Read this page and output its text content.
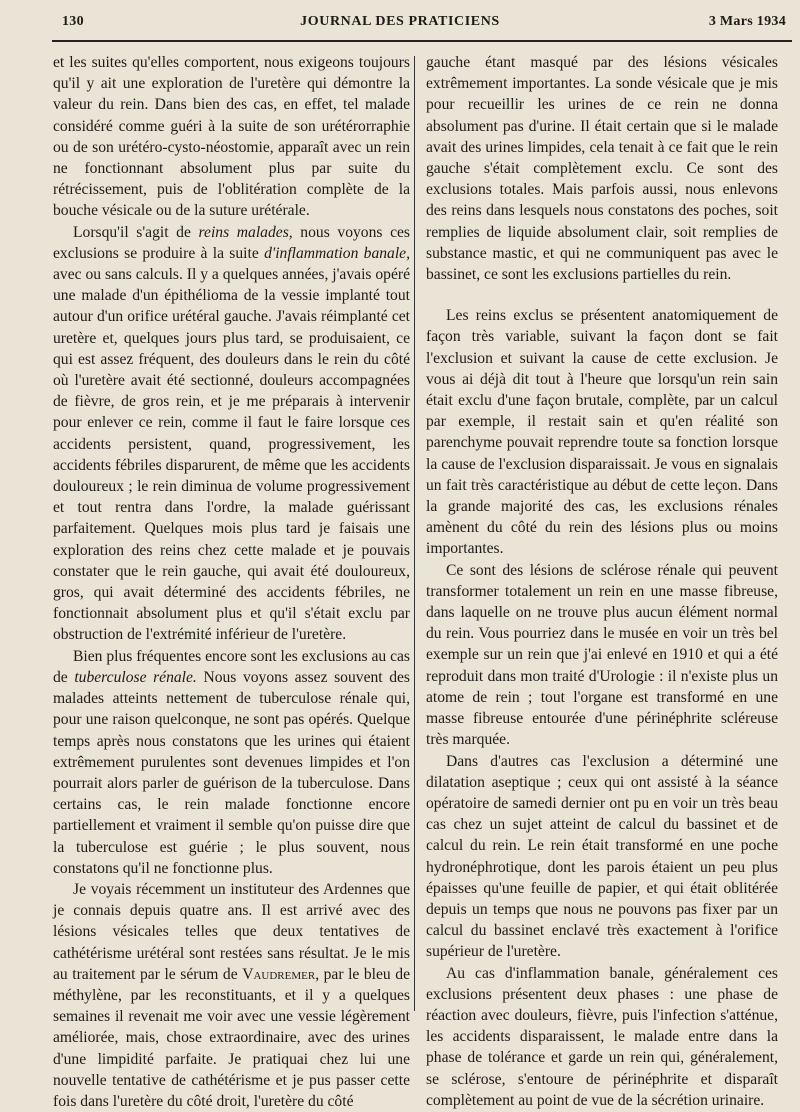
130	JOURNAL DES PRATICIENS	3 Mars 1934

et les suites qu'elles comportent, nous exigeons toujours qu'il y ait une exploration de l'uretère qui démontre la valeur du rein. Dans bien des cas, en effet, tel malade considéré comme guéri à la suite de son urétérorraphie ou de son urétéro-cysto-néostomie, apparaît avec un rein ne fonctionnant absolument plus par suite du rétrécissement, puis de l'oblitération complète de la bouche vésicale ou de la suture urétérale.

Lorsqu'il s'agit de reins malades, nous voyons ces exclusions se produire à la suite d'inflammation banale, avec ou sans calculs. Il y a quelques années, j'avais opéré une malade d'un épithélioma de la vessie implanté tout autour d'un orifice urétéral gauche. J'avais réimplanté cet uretère et, quelques jours plus tard, se produisaient, ce qui est assez fréquent, des douleurs dans le rein du côté où l'uretère avait été sectionné, douleurs accompagnées de fièvre, de gros rein, et je me préparais à intervenir pour enlever ce rein, comme il faut le faire lorsque ces accidents persistent, quand, progressivement, les accidents fébriles disparurent, de même que les accidents douloureux ; le rein diminua de volume progressivement et tout rentra dans l'ordre, la malade guérissant parfaitement. Quelques mois plus tard je faisais une exploration des reins chez cette malade et je pouvais constater que le rein gauche, qui avait été douloureux, gros, qui avait déterminé des accidents fébriles, ne fonctionnait absolument plus et qu'il s'était exclu par obstruction de l'extrémité inférieur de l'uretère.

Bien plus fréquentes encore sont les exclusions au cas de tuberculose rénale. Nous voyons assez souvent des malades atteints nettement de tuberculose rénale qui, pour une raison quelconque, ne sont pas opérés. Quelque temps après nous constatons que les urines qui étaient extrêmement purulentes sont devenues limpides et l'on pourrait alors parler de guérison de la tuberculose. Dans certains cas, le rein malade fonctionne encore partiellement et vraiment il semble qu'on puisse dire que la tuberculose est guérie ; le plus souvent, nous constatons qu'il ne fonctionne plus.

Je voyais récemment un instituteur des Ardennes que je connais depuis quatre ans. Il est arrivé avec des lésions vésicales telles que deux tentatives de cathétérisme urétéral sont restées sans résultat. Je le mis au traitement par le sérum de Vaudremer, par le bleu de méthylène, par les reconstituants, et il y a quelques semaines il revenait me voir avec une vessie légèrement améliorée, mais, chose extraordinaire, avec des urines d'une limpidité parfaite. Je pratiquai chez lui une nouvelle tentative de cathétérisme et je pus passer cette fois dans l'uretère du côté droit, l'uretère du côté

gauche étant masqué par des lésions vésicales extrêmement importantes. La sonde vésicale que je mis pour recueillir les urines de ce rein ne donna absolument pas d'urine. Il était certain que si le malade avait des urines limpides, cela tenait à ce fait que le rein gauche s'était complètement exclu. Ce sont des exclusions totales. Mais parfois aussi, nous enlevons des reins dans lesquels nous constatons des poches, soit remplies de liquide absolument clair, soit remplies de substance mastic, et qui ne communiquent pas avec le bassinet, ce sont les exclusions partielles du rein.

Les reins exclus se présentent anatomiquement de façon très variable, suivant la façon dont se fait l'exclusion et suivant la cause de cette exclusion. Je vous ai déjà dit tout à l'heure que lorsqu'un rein sain était exclu d'une façon brutale, complète, par un calcul par exemple, il restait sain et qu'en réalité son parenchyme pouvait reprendre toute sa fonction lorsque la cause de l'exclusion disparaissait. Je vous en signalais un fait très caractéristique au début de cette leçon. Dans la grande majorité des cas, les exclusions rénales amènent du côté du rein des lésions plus ou moins importantes.

Ce sont des lésions de sclérose rénale qui peuvent transformer totalement un rein en une masse fibreuse, dans laquelle on ne trouve plus aucun élément normal du rein. Vous pourriez dans le musée en voir un très bel exemple sur un rein que j'ai enlevé en 1910 et qui a été reproduit dans mon traité d'Urologie : il n'existe plus un atome de rein ; tout l'organe est transformé en une masse fibreuse entourée d'une périnéphrite scléreuse très marquée.

Dans d'autres cas l'exclusion a déterminé une dilatation aseptique ; ceux qui ont assisté à la séance opératoire de samedi dernier ont pu en voir un très beau cas chez un sujet atteint de calcul du bassinet et de calcul du rein. Le rein était transformé en une poche hydronéphrotique, dont les parois étaient un peu plus épaisses qu'une feuille de papier, et qui était oblitérée depuis un temps que nous ne pouvons pas fixer par un calcul du bassinet enclavé très exactement à l'orifice supérieur de l'uretère.

Au cas d'inflammation banale, généralement ces exclusions présentent deux phases : une phase de réaction avec douleurs, fièvre, puis l'infection s'atténue, les accidents disparaissent, le malade entre dans la phase de tolérance et garde un rein qui, généralement, se sclérose, s'entoure de périnéphrite et disparaît complètement au point de vue de la sécrétion urinaire.
